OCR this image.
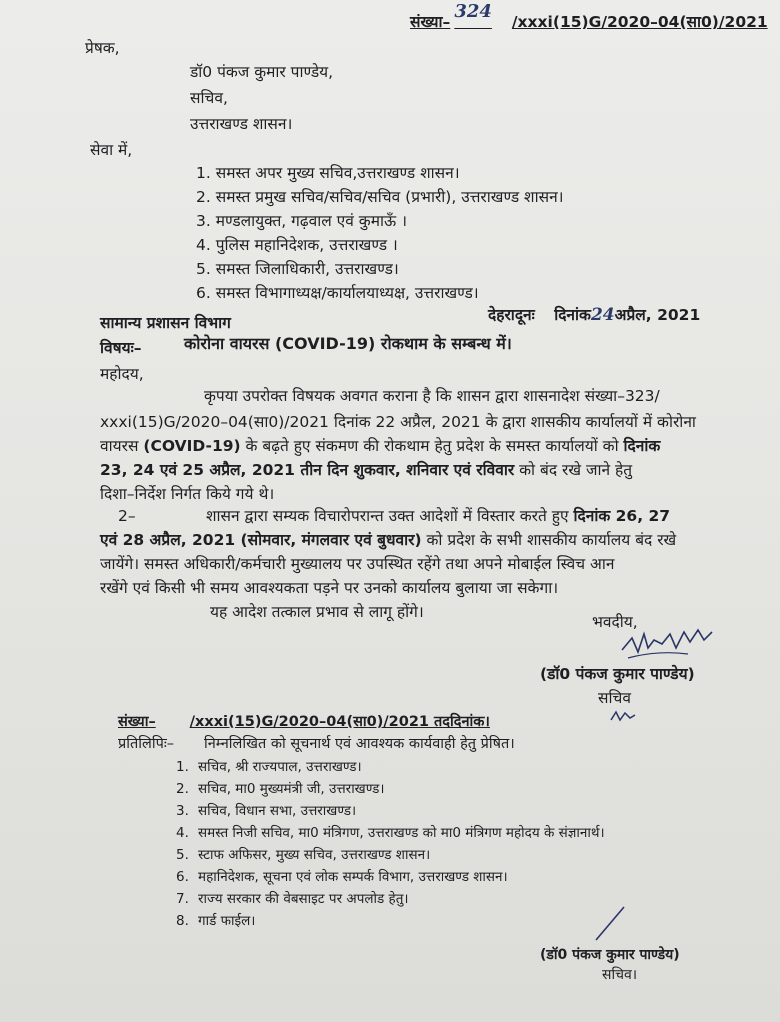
संख्या– 324 /xxxi(15)G/2020–04(सा0)/2021
प्रेषक,
डॉ0 पंकज कुमार पाण्डेय,
सचिव,
उत्तराखण्ड शासन।
सेवा में,
1. समस्त अपर मुख्य सचिव,उत्तराखण्ड शासन।
2. समस्त प्रमुख सचिव/सचिव/सचिव (प्रभारी), उत्तराखण्ड शासन।
3. मण्डलायुक्त, गढ़वाल एवं कुमाऊँ ।
4. पुलिस महानिदेशक, उत्तराखण्ड ।
5. समस्त जिलाधिकारी, उत्तराखण्ड।
6. समस्त विभागाध्यक्ष/कार्यालयाध्यक्ष, उत्तराखण्ड।
सामान्य प्रशासन विभाग	देहरादूनः दिनांक24अप्रैल, 2021
विषयः–	कोरोना वायरस (COVID-19) रोकथाम के सम्बन्ध में।
महोदय,
कृपया उपरोक्त विषयक अवगत कराना है कि शासन द्वारा शासनादेश संख्या–323/
xxxi(15)G/2020–04(सा0)/2021 दिनांक 22 अप्रैल, 2021 के द्वारा शासकीय कार्यालयों में कोरोना
वायरस (COVID-19) के बढ़ते हुए संकमण की रोकथाम हेतु प्रदेश के समस्त कार्यालयों को दिनांक
23, 24 एवं 25 अप्रैल, 2021 तीन दिन शुकवार, शनिवार एवं रविवार को बंद रखे जाने हेतु
दिशा–निर्देश निर्गत किये गये थे।
2–	शासन द्वारा सम्यक विचारोपरान्त उक्त आदेशों में विस्तार करते हुए दिनांक 26, 27
एवं 28 अप्रैल, 2021 (सोमवार, मंगलवार एवं बुधवार) को प्रदेश के सभी शासकीय कार्यालय बंद रखे
जायेंगे। समस्त अधिकारी/कर्मचारी मुख्यालय पर उपस्थित रहेंगे तथा अपने मोबाईल स्विच आन
रखेंगे एवं किसी भी समय आवश्यकता पड़ने पर उनको कार्यालय बुलाया जा सकेगा।
यह आदेश तत्काल प्रभाव से लागू होंगे।
भवदीय,
(डॉ0 पंकज कुमार पाण्डेय)
सचिव
संख्या– /xxxi(15)G/2020–04(सा0)/2021 तददिनांक।
प्रतिलिपिः– निम्नलिखित को सूचनार्थ एवं आवश्यक कार्यवाही हेतु प्रेषित।
1. सचिव, श्री राज्यपाल, उत्तराखण्ड।
2. सचिव, मा0 मुख्यमंत्री जी, उत्तराखण्ड।
3. सचिव, विधान सभा, उत्तराखण्ड।
4. समस्त निजी सचिव, मा0 मंत्रिगण, उत्तराखण्ड को मा0 मंत्रिगण महोदय के संज्ञानार्थ।
5. स्टाफ अफिसर, मुख्य सचिव, उत्तराखण्ड शासन।
6. महानिदेशक, सूचना एवं लोक सम्पर्क विभाग, उत्तराखण्ड शासन।
7. राज्य सरकार की वेबसाइट पर अपलोड हेतु।
8. गार्ड फाईल।
(डॉ0 पंकज कुमार पाण्डेय)
सचिव।
